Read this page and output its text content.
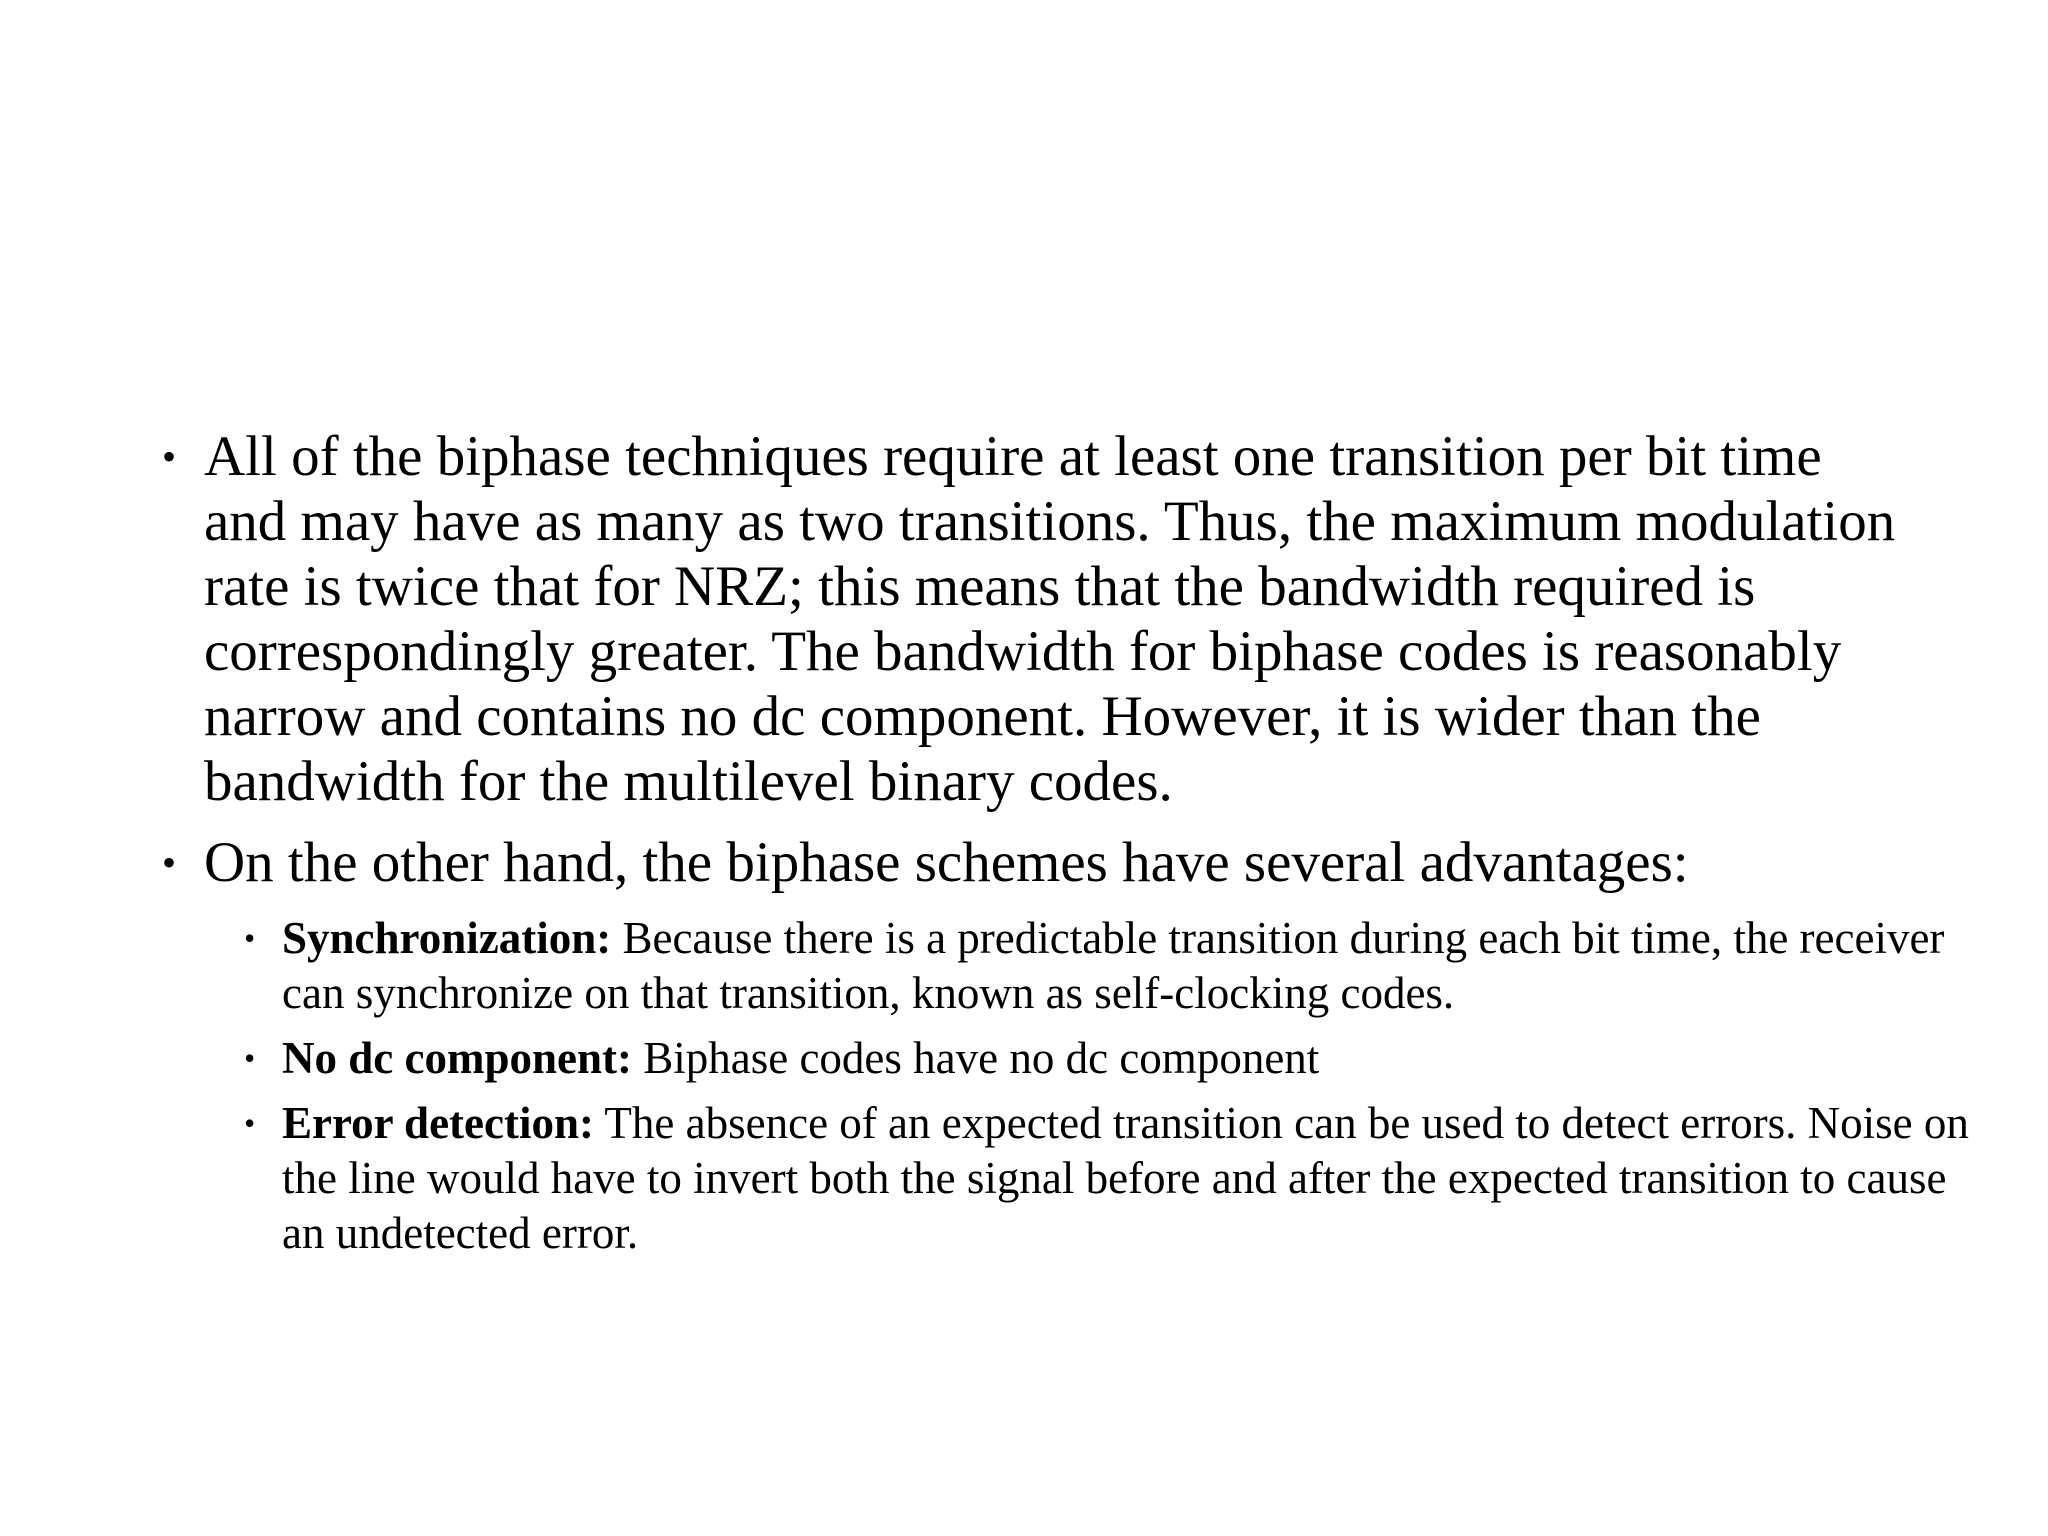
• All of the biphase techniques require at least one transition per bit time and may have as many as two transitions. Thus, the maximum modulation rate is twice that for NRZ; this means that the bandwidth required is correspondingly greater. The bandwidth for biphase codes is reasonably narrow and contains no dc component. However, it is wider than the bandwidth for the multilevel binary codes.
• On the other hand, the biphase schemes have several advantages:
• Synchronization: Because there is a predictable transition during each bit time, the receiver can synchronize on that transition, known as self-clocking codes.
• No dc component: Biphase codes have no dc component
• Error detection: The absence of an expected transition can be used to detect errors. Noise on the line would have to invert both the signal before and after the expected transition to cause an undetected error.
